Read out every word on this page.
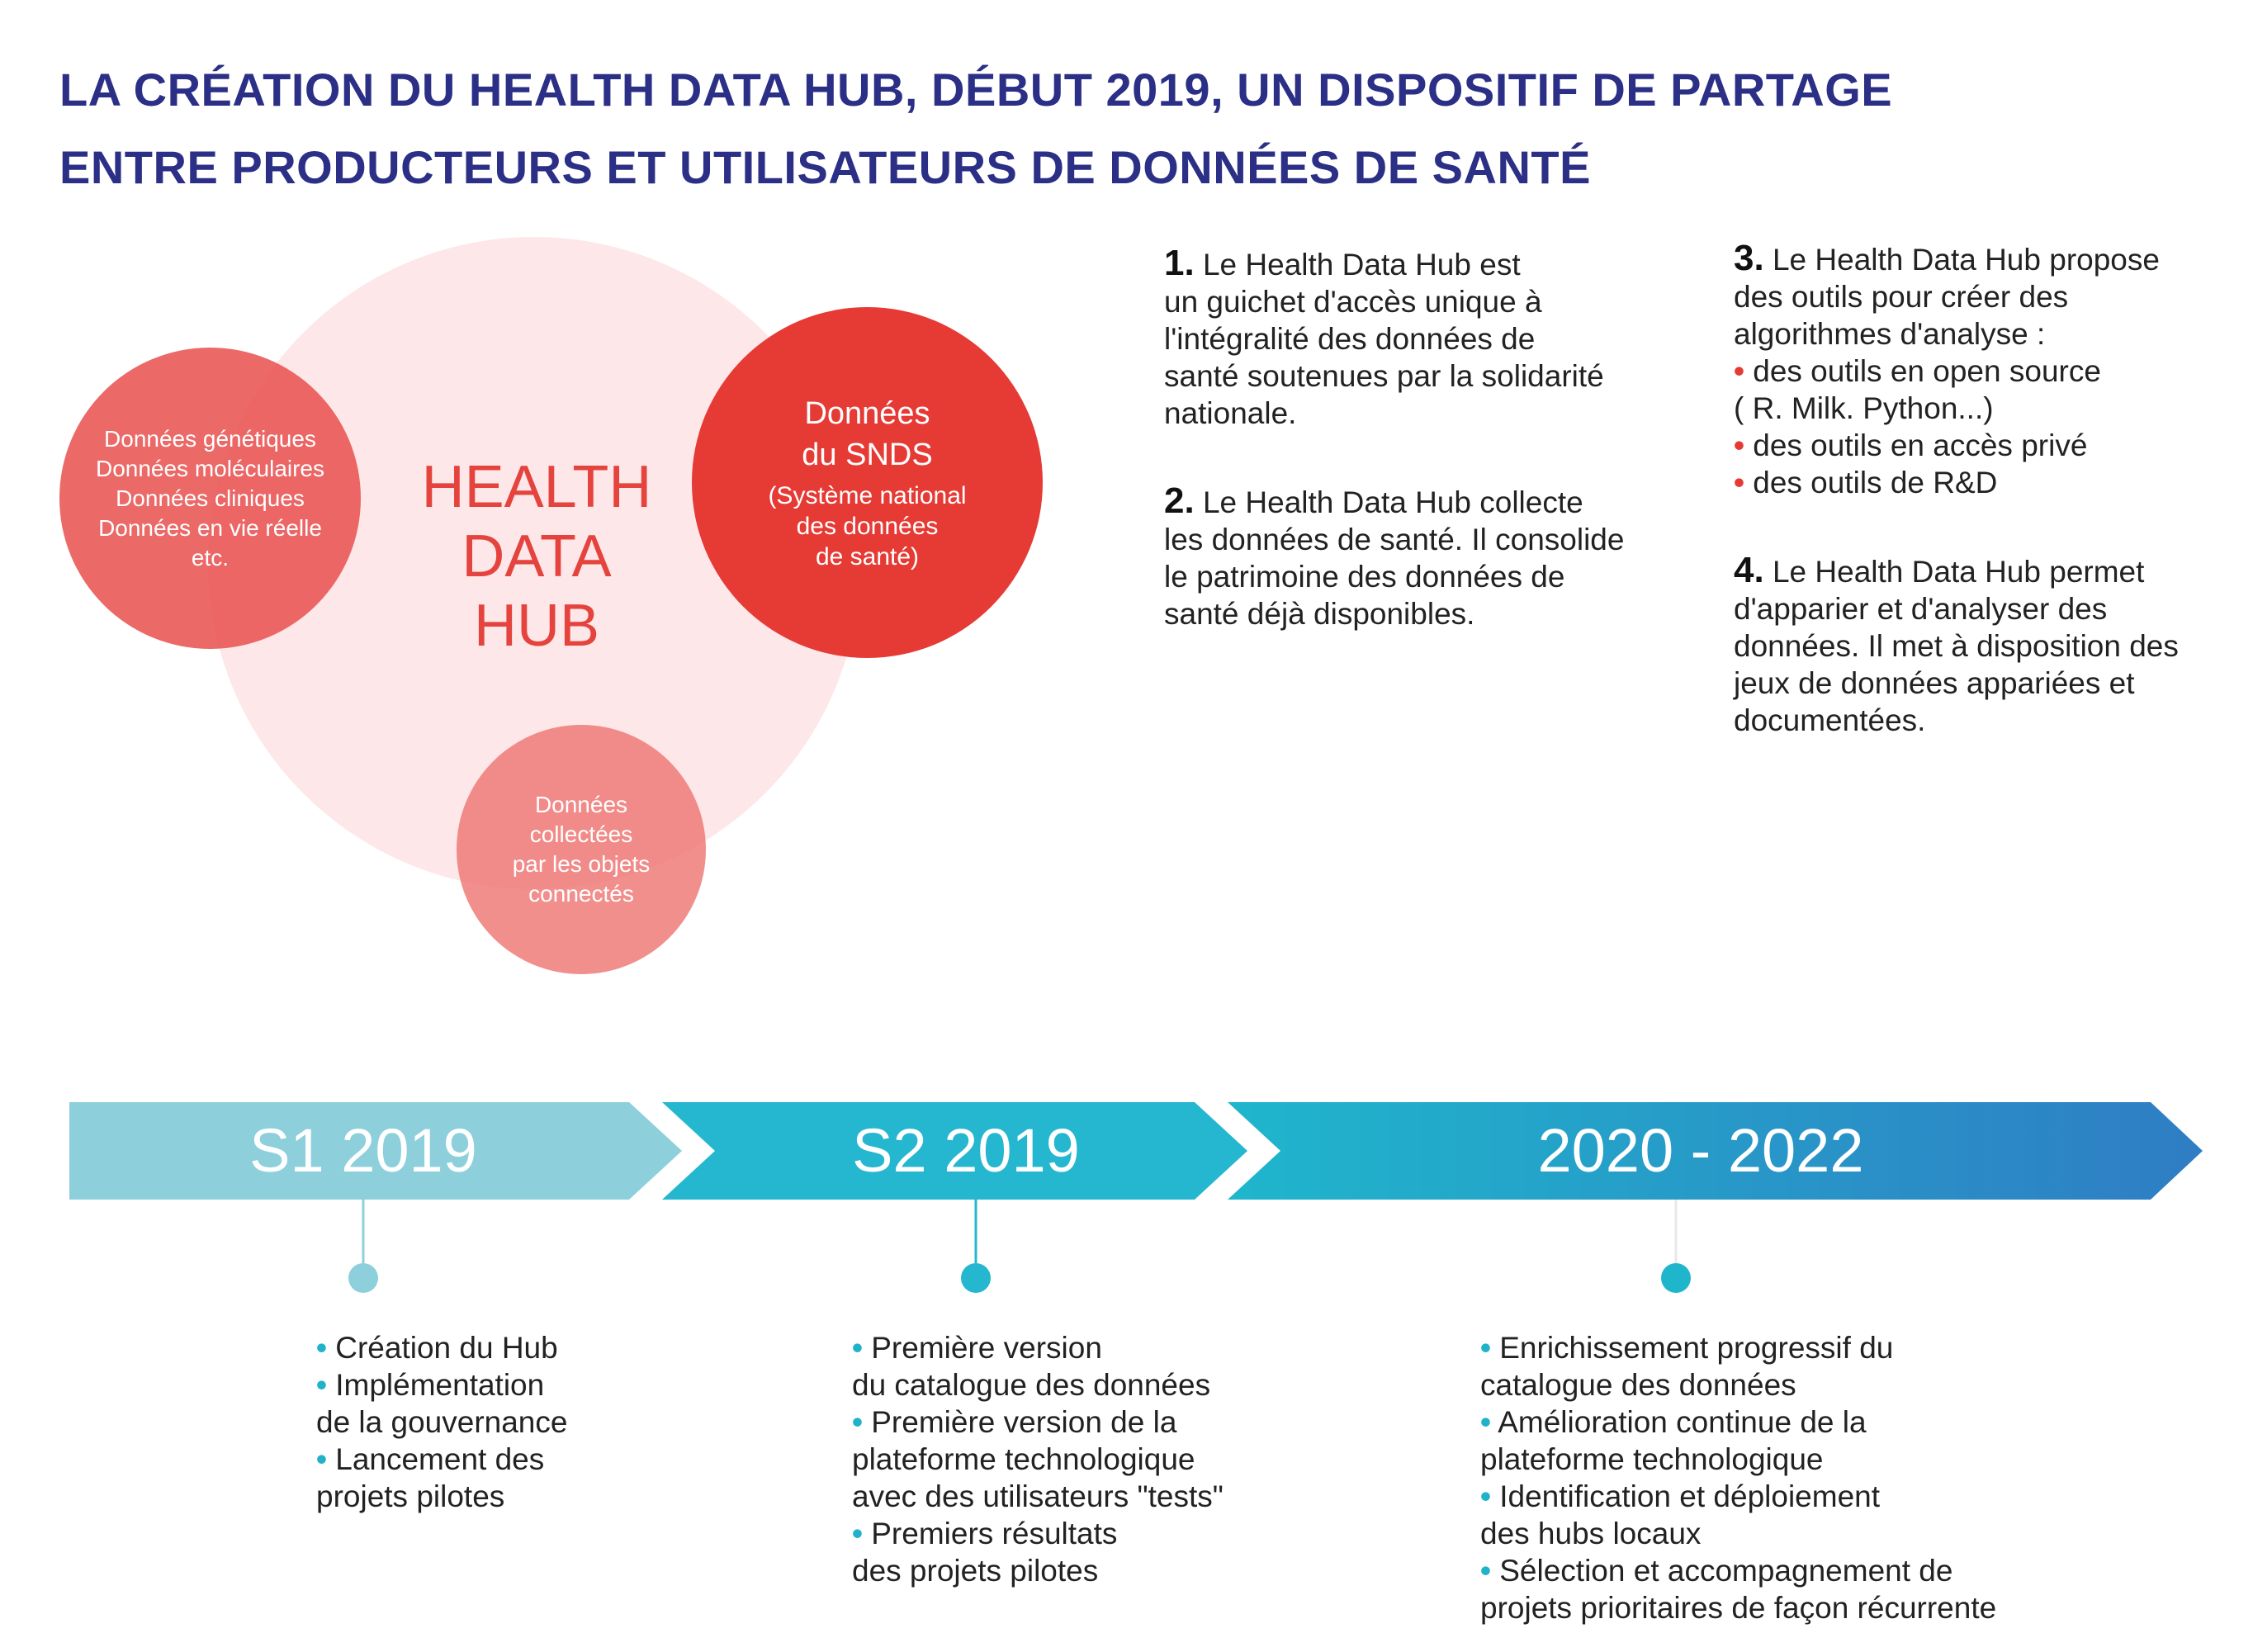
LA CRÉATION DU HEALTH DATA HUB, DÉBUT 2019, UN DISPOSITIF DE PARTAGE
ENTRE PRODUCTEURS ET UTILISATEURS DE DONNÉES DE SANTÉ
HEALTH
DATA
HUB
Données génétiques
Données moléculaires
Données cliniques
Données en vie réelle
etc.
Données
du SNDS
(Système national
des données
de santé)
Données
collectées
par les objets
connectés
1. Le Health Data Hub est
un guichet d'accès unique à
l'intégralité des données de
santé soutenues par la solidarité
nationale.
2. Le Health Data Hub collecte
les données de santé. Il consolide
le patrimoine des données de
santé déjà disponibles.
3. Le Health Data Hub propose
des outils pour créer des
algorithmes d'analyse :
• des outils en open source
( R. Milk. Python...)
• des outils en accès privé
• des outils de R&D
4. Le Health Data Hub permet
d'apparier et d'analyser des
données. Il met à disposition des
jeux de données appariées et
documentées.
S1 2019	S2 2019	2020 - 2022
• Création du Hub
• Implémentation
de la gouvernance
• Lancement des
projets pilotes
• Première version
du catalogue des données
• Première version de la
plateforme technologique
avec des utilisateurs "tests"
• Premiers résultats
des projets pilotes
• Enrichissement progressif du
catalogue des données
• Amélioration continue de la
plateforme technologique
• Identification et déploiement
des hubs locaux
• Sélection et accompagnement de
projets prioritaires de façon récurrente
